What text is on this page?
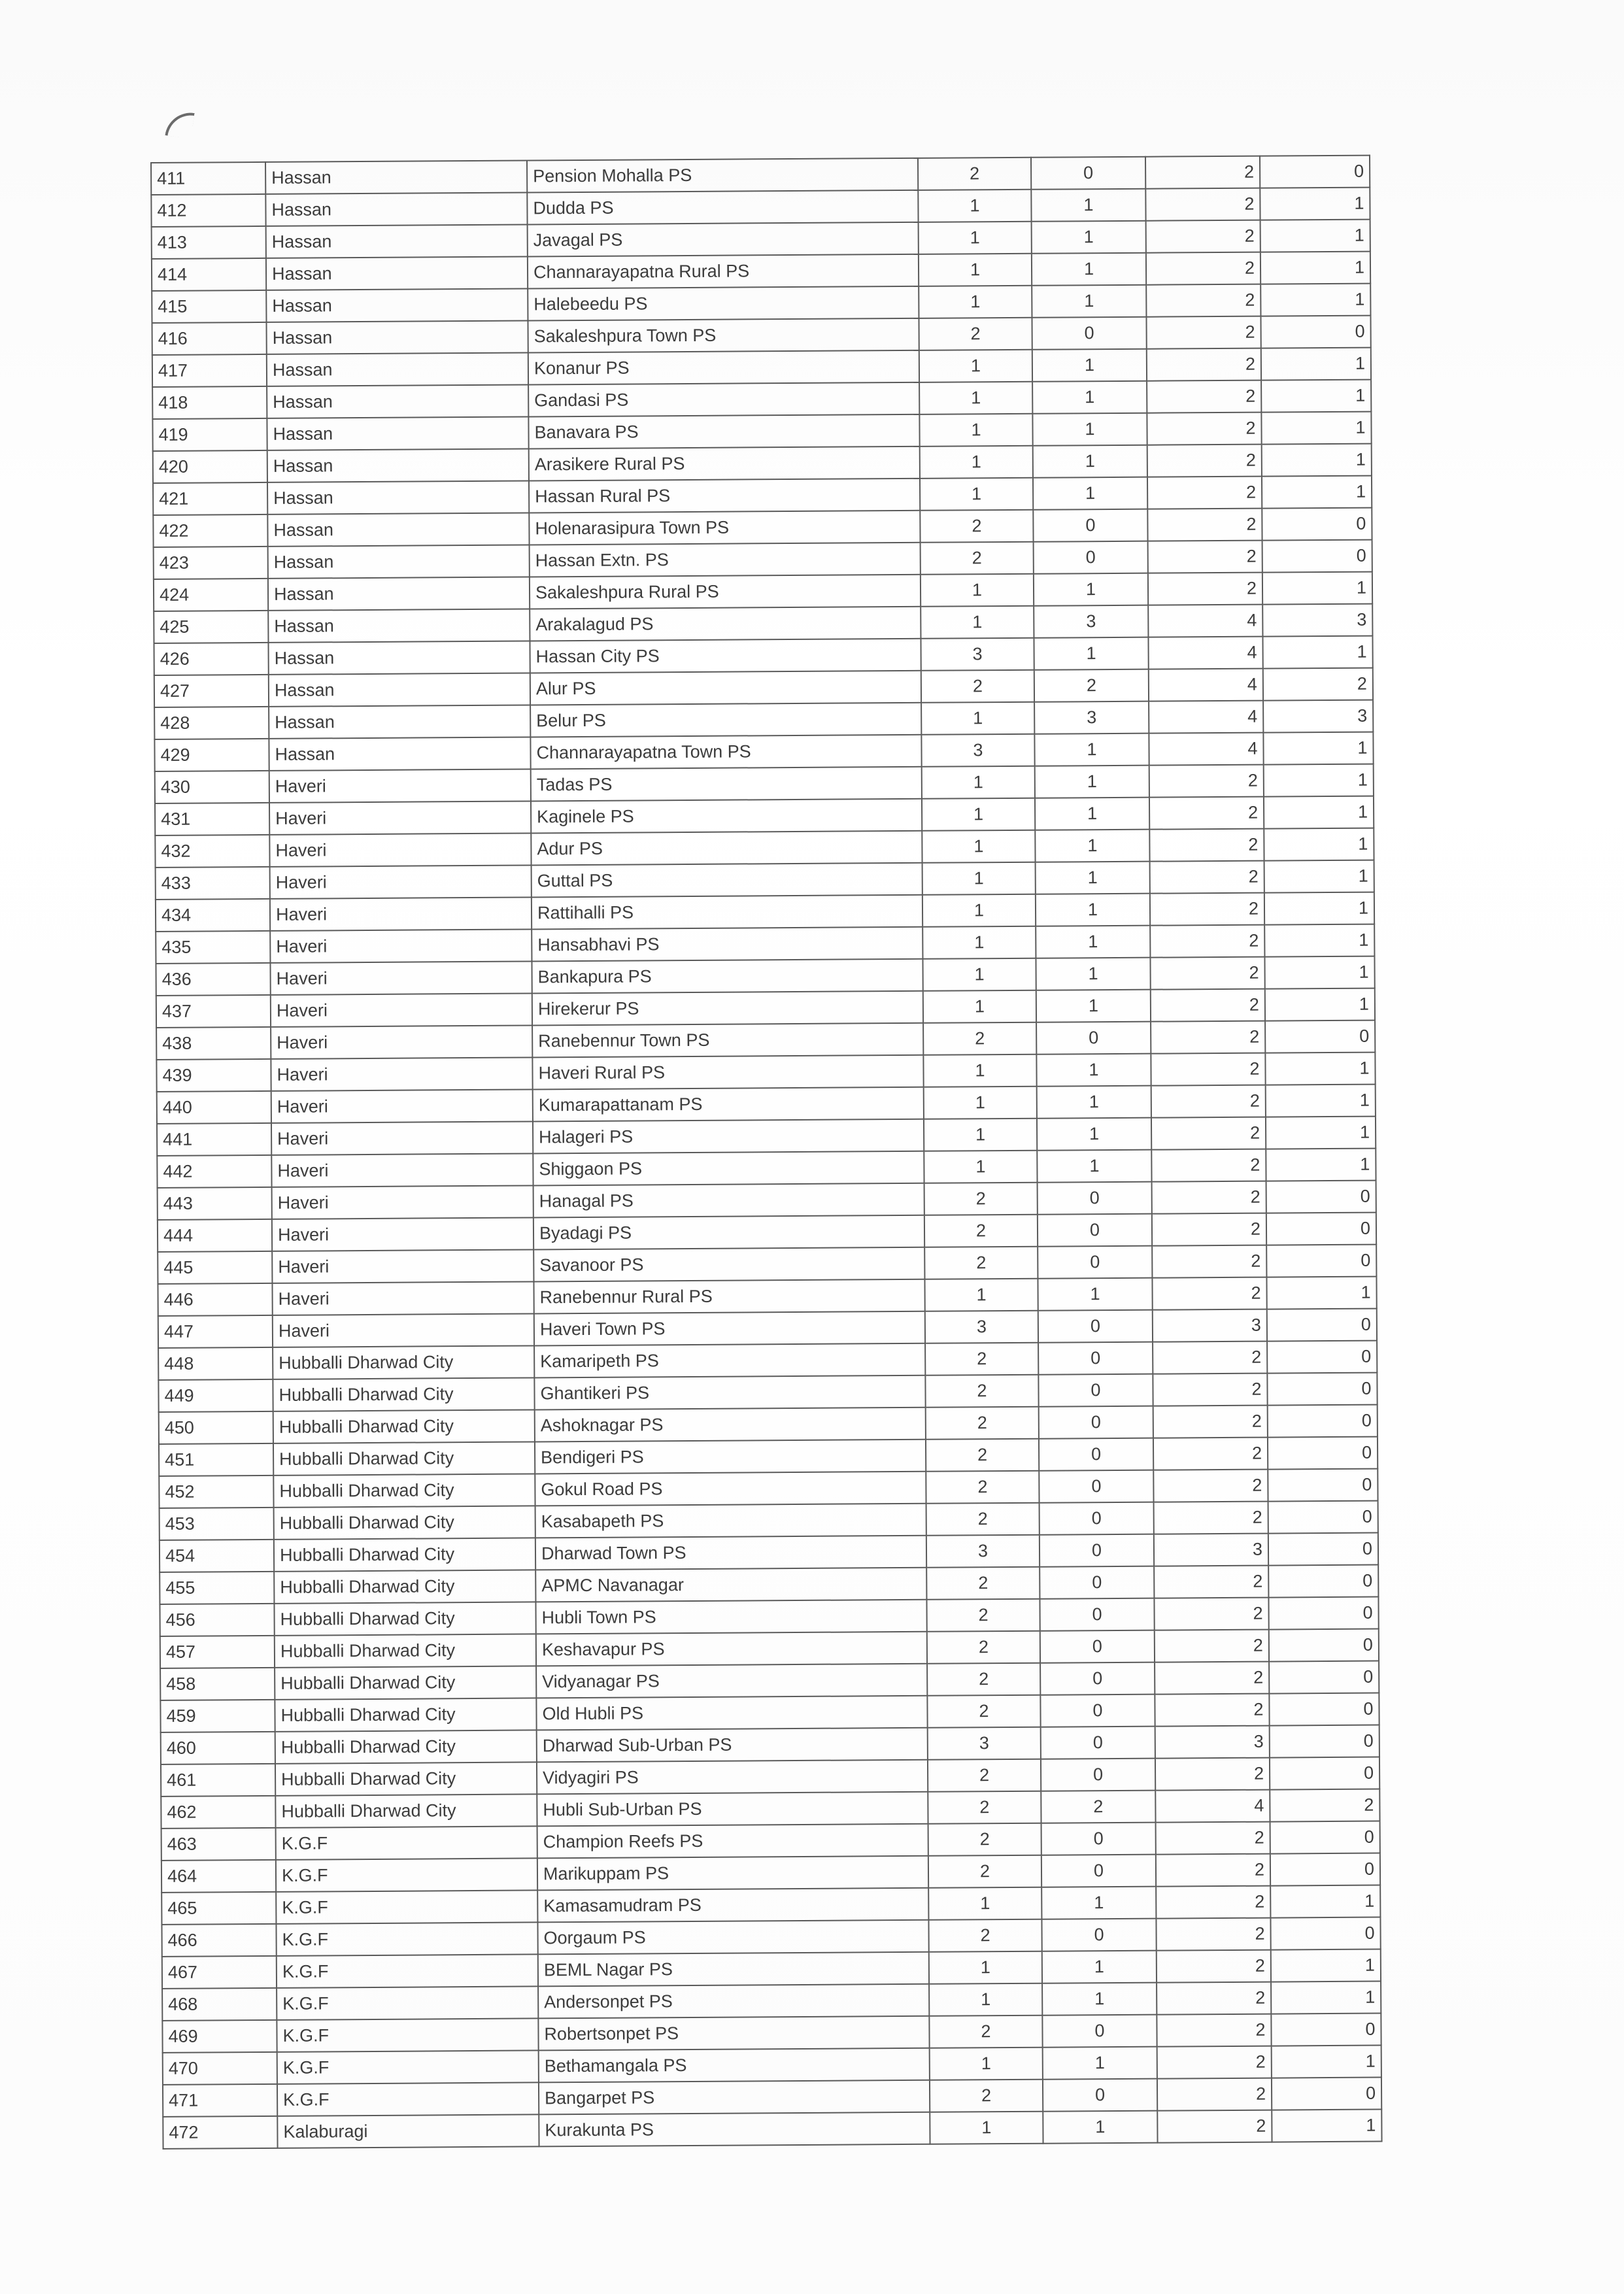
411	Hassan	Pension Mohalla PS	2	0	2	0
412	Hassan	Dudda PS	1	1	2	1
413	Hassan	Javagal PS	1	1	2	1
414	Hassan	Channarayapatna Rural PS	1	1	2	1
415	Hassan	Halebeedu PS	1	1	2	1
416	Hassan	Sakaleshpura Town PS	2	0	2	0
417	Hassan	Konanur PS	1	1	2	1
418	Hassan	Gandasi PS	1	1	2	1
419	Hassan	Banavara PS	1	1	2	1
420	Hassan	Arasikere Rural PS	1	1	2	1
421	Hassan	Hassan Rural PS	1	1	2	1
422	Hassan	Holenarasipura Town PS	2	0	2	0
423	Hassan	Hassan Extn. PS	2	0	2	0
424	Hassan	Sakaleshpura Rural PS	1	1	2	1
425	Hassan	Arakalagud PS	1	3	4	3
426	Hassan	Hassan City PS	3	1	4	1
427	Hassan	Alur PS	2	2	4	2
428	Hassan	Belur PS	1	3	4	3
429	Hassan	Channarayapatna Town PS	3	1	4	1
430	Haveri	Tadas PS	1	1	2	1
431	Haveri	Kaginele PS	1	1	2	1
432	Haveri	Adur PS	1	1	2	1
433	Haveri	Guttal PS	1	1	2	1
434	Haveri	Rattihalli PS	1	1	2	1
435	Haveri	Hansabhavi PS	1	1	2	1
436	Haveri	Bankapura PS	1	1	2	1
437	Haveri	Hirekerur PS	1	1	2	1
438	Haveri	Ranebennur Town PS	2	0	2	0
439	Haveri	Haveri Rural PS	1	1	2	1
440	Haveri	Kumarapattanam PS	1	1	2	1
441	Haveri	Halageri PS	1	1	2	1
442	Haveri	Shiggaon PS	1	1	2	1
443	Haveri	Hanagal PS	2	0	2	0
444	Haveri	Byadagi PS	2	0	2	0
445	Haveri	Savanoor PS	2	0	2	0
446	Haveri	Ranebennur Rural PS	1	1	2	1
447	Haveri	Haveri Town PS	3	0	3	0
448	Hubballi Dharwad City	Kamaripeth PS	2	0	2	0
449	Hubballi Dharwad City	Ghantikeri PS	2	0	2	0
450	Hubballi Dharwad City	Ashoknagar PS	2	0	2	0
451	Hubballi Dharwad City	Bendigeri PS	2	0	2	0
452	Hubballi Dharwad City	Gokul Road PS	2	0	2	0
453	Hubballi Dharwad City	Kasabapeth PS	2	0	2	0
454	Hubballi Dharwad City	Dharwad Town PS	3	0	3	0
455	Hubballi Dharwad City	APMC Navanagar	2	0	2	0
456	Hubballi Dharwad City	Hubli Town PS	2	0	2	0
457	Hubballi Dharwad City	Keshavapur PS	2	0	2	0
458	Hubballi Dharwad City	Vidyanagar PS	2	0	2	0
459	Hubballi Dharwad City	Old Hubli PS	2	0	2	0
460	Hubballi Dharwad City	Dharwad Sub-Urban PS	3	0	3	0
461	Hubballi Dharwad City	Vidyagiri PS	2	0	2	0
462	Hubballi Dharwad City	Hubli Sub-Urban PS	2	2	4	2
463	K.G.F	Champion Reefs PS	2	0	2	0
464	K.G.F	Marikuppam PS	2	0	2	0
465	K.G.F	Kamasamudram PS	1	1	2	1
466	K.G.F	Oorgaum PS	2	0	2	0
467	K.G.F	BEML Nagar PS	1	1	2	1
468	K.G.F	Andersonpet PS	1	1	2	1
469	K.G.F	Robertsonpet PS	2	0	2	0
470	K.G.F	Bethamangala PS	1	1	2	1
471	K.G.F	Bangarpet PS	2	0	2	0
472	Kalaburagi	Kurakunta PS	1	1	2	1
